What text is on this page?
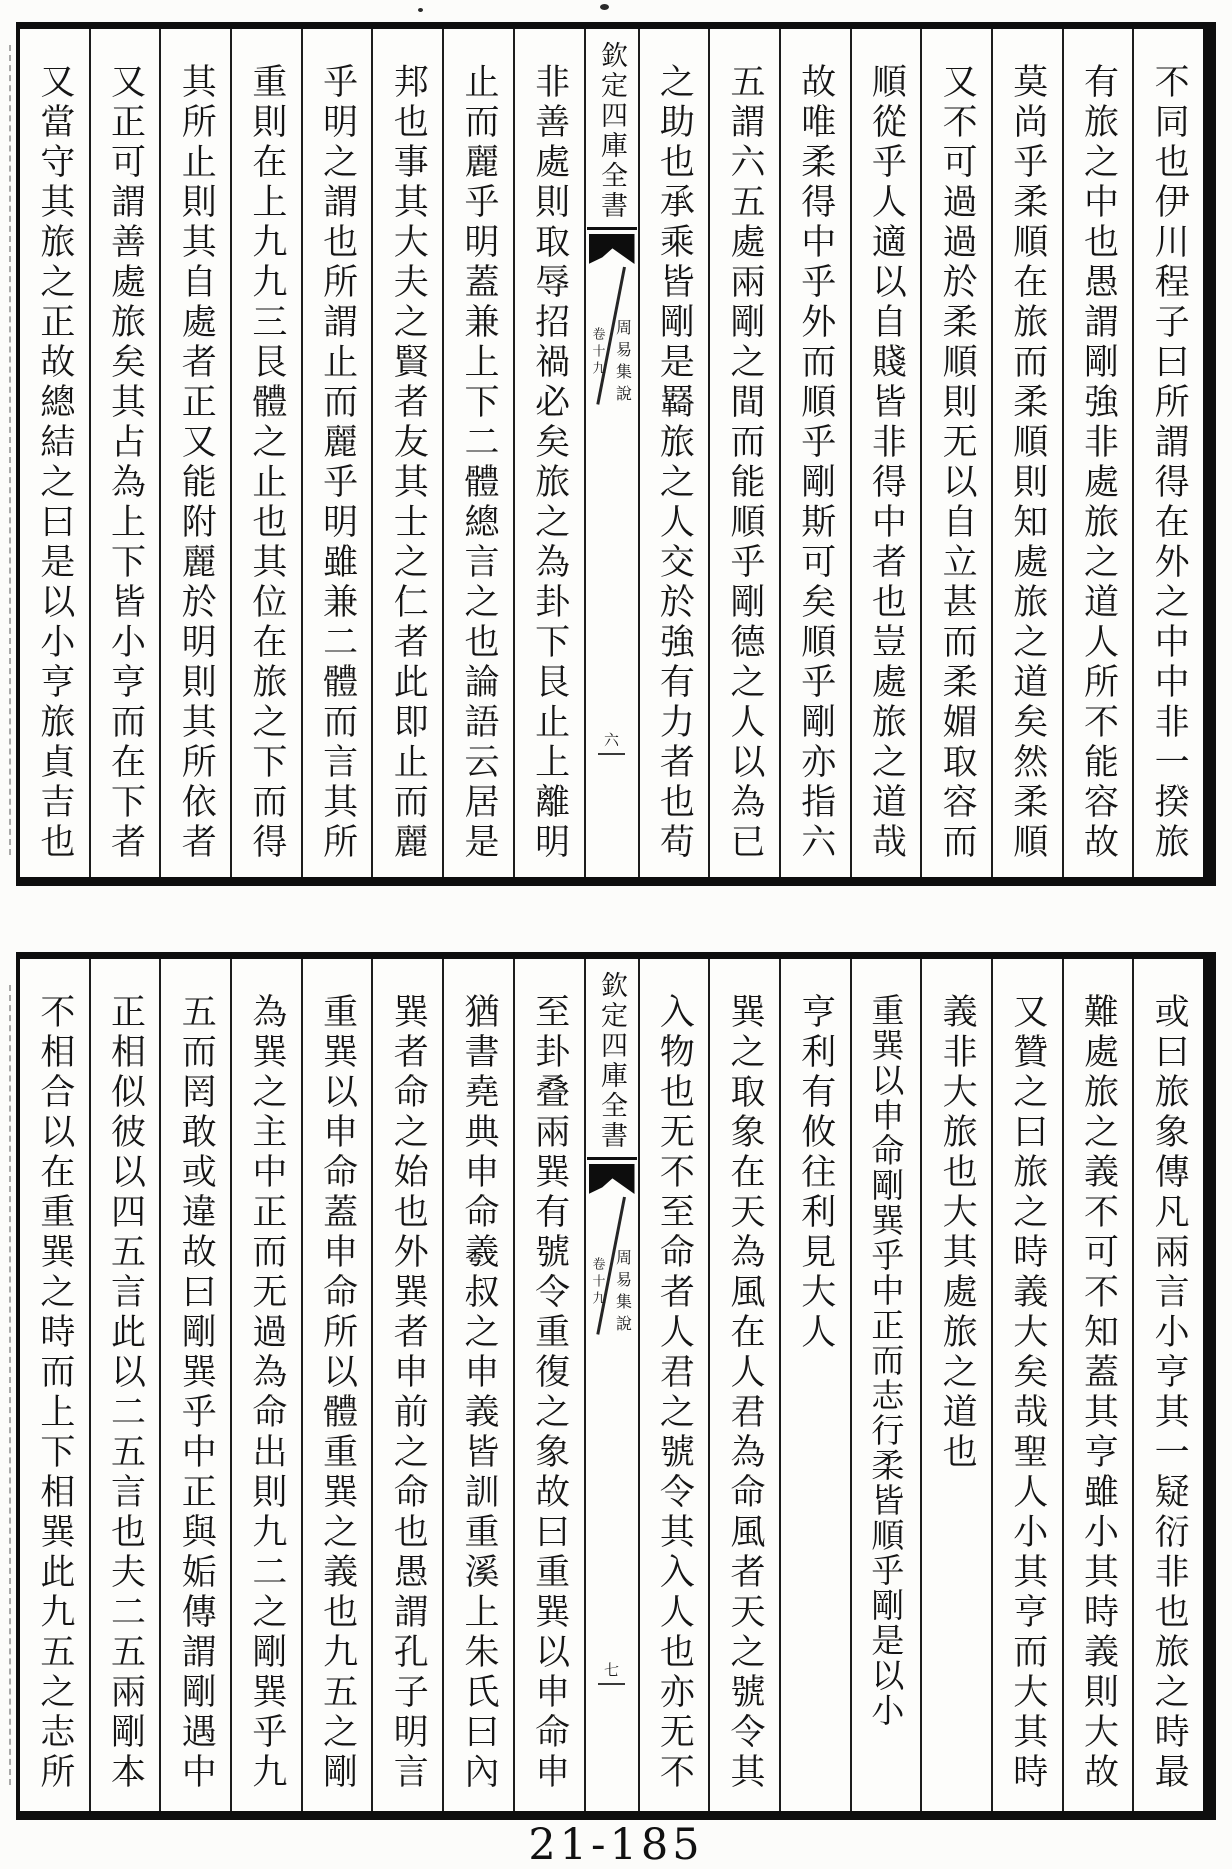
不同也伊川程子曰所謂得在外之中中非一揆旅
有旅之中也愚謂剛強非處旅之道人所不能容故
莫尚乎柔順在旅而柔順則知處旅之道矣然柔順
又不可過過於柔順則无以自立甚而柔媚取容而
順從乎人適以自賤皆非得中者也豈處旅之道哉
故唯柔得中乎外而順乎剛斯可矣順乎剛亦指六
五謂六五處兩剛之間而能順乎剛德之人以為已
之助也承乘皆剛是羇旅之人交於強有力者也苟
欽定四庫全書
周易集說
卷十九
六
非善處則取辱招禍必矣旅之為卦下艮止上離明
止而麗乎明蓋兼上下二體總言之也論語云居是
邦也事其大夫之賢者友其士之仁者此即止而麗
乎明之謂也所謂止而麗乎明雖兼二體而言其所
重則在上九九三艮體之止也其位在旅之下而得
其所止則其自處者正又能附麗於明則其所依者
又正可謂善處旅矣其占為上下皆小亨而在下者
又當守其旅之正故總結之曰是以小亨旅貞吉也
或曰旅象傳凡兩言小亨其一疑衍非也旅之時最
難處旅之義不可不知蓋其亨雖小其時義則大故
又贊之曰旅之時義大矣哉聖人小其亨而大其時
義非大旅也大其處旅之道也
重巽以申命剛巽乎中正而志行柔皆順乎剛是以小
亨利有攸往利見大人
巽之取象在天為風在人君為命風者天之號令其
入物也无不至命者人君之號令其入人也亦无不
欽定四庫全書
周易集說
卷十九
七
至卦叠兩巽有號令重復之象故曰重巽以申命申
猶書堯典申命羲叔之申義皆訓重溪上朱氏曰內
巽者命之始也外巽者申前之命也愚謂孔子明言
重巽以申命蓋申命所以體重巽之義也九五之剛
為巽之主中正而无過為命出則九二之剛巽乎九
五而罔敢或違故曰剛巽乎中正與姤傳謂剛遇中
正相似彼以四五言此以二五言也夫二五兩剛本
不相合以在重巽之時而上下相巽此九五之志所
21-185
